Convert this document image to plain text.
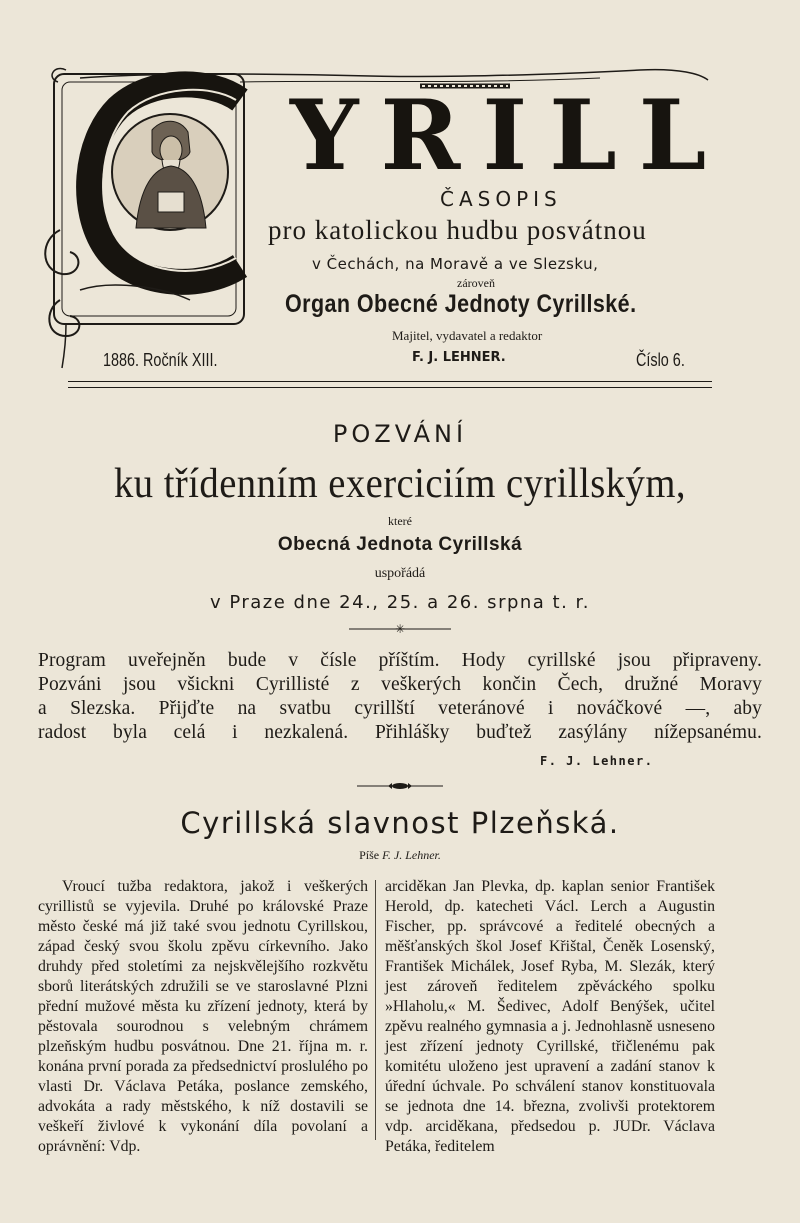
YRILL
ČASOPIS
pro katolickou hudbu posvátnou
v Čechách, na Moravě a ve Slezsku,
zároveň
Organ Obecné Jednoty Cyrillské.
Majitel, vydavatel a redaktor
F. J. LEHNER.
1886. Ročník XIII.	Číslo 6.
POZVÁNÍ
ku třídenním exerciciím cyrillským,
které
Obecná Jednota Cyrillská
uspořádá
v Praze dne 24., 25. a 26. srpna t. r.
✳

Program uveřejněn bude v čísle příštím. Hody cyrillské jsou připraveny.

Pozváni jsou všickni Cyrillisté z veškerých končin Čech, družné Moravy

a Slezska. Přijďte na svatbu cyrillští veteránové i nováčkové —, aby

radost byla celá i nezkalená. Přihlášky buďtež zasýlány nížepsanému.

F. J. Lehner.
Cyrillská slavnost Plzeňská.
Píše F. J. Lehner.

Vroucí tužba redaktora, jakož i veškerých cyrillistů se vyjevila. Druhé po královské Praze město české má již také svou jednotu Cyrillskou, západ český svou školu zpěvu církevního. Jako druhdy před stoletími za nejskvělejšího rozkvětu sborů literátských združili se ve staroslavné Plzni přední mužové města ku zřízení jednoty, která by pěstovala sourodnou s velebným chrámem plzeňským hudbu posvátnou. Dne 21. října m. r. konána první porada za předsednictví proslulého po vlasti Dr. Václava Petáka, poslance zemského, advokáta a rady městského, k níž dostavili se veškeří živlové k vykonání díla povolaní a oprávnění: Vdp.

arciděkan Jan Plevka, dp. kaplan senior František Herold, dp. katecheti Václ. Lerch a Augustin Fischer, pp. správcové a ředitelé obecných a měšťanských škol Josef Křištal, Čeněk Losenský, František Michálek, Josef Ryba, M. Slezák, který jest zároveň ředitelem zpěváckého spolku »Hlaholu,« M. Šedivec, Adolf Benýšek, učitel zpěvu realného gymnasia a j. Jednohlasně usneseno jest zřízení jednoty Cyrillské, třičlenému pak komitétu uloženo jest upravení a zadání stanov k úřední úchvale. Po schválení stanov konstituovala se jednota dne 14. března, zvolivši protektorem vdp. arciděkana, předsedou p. JUDr. Václava Petáka, ředitelem
